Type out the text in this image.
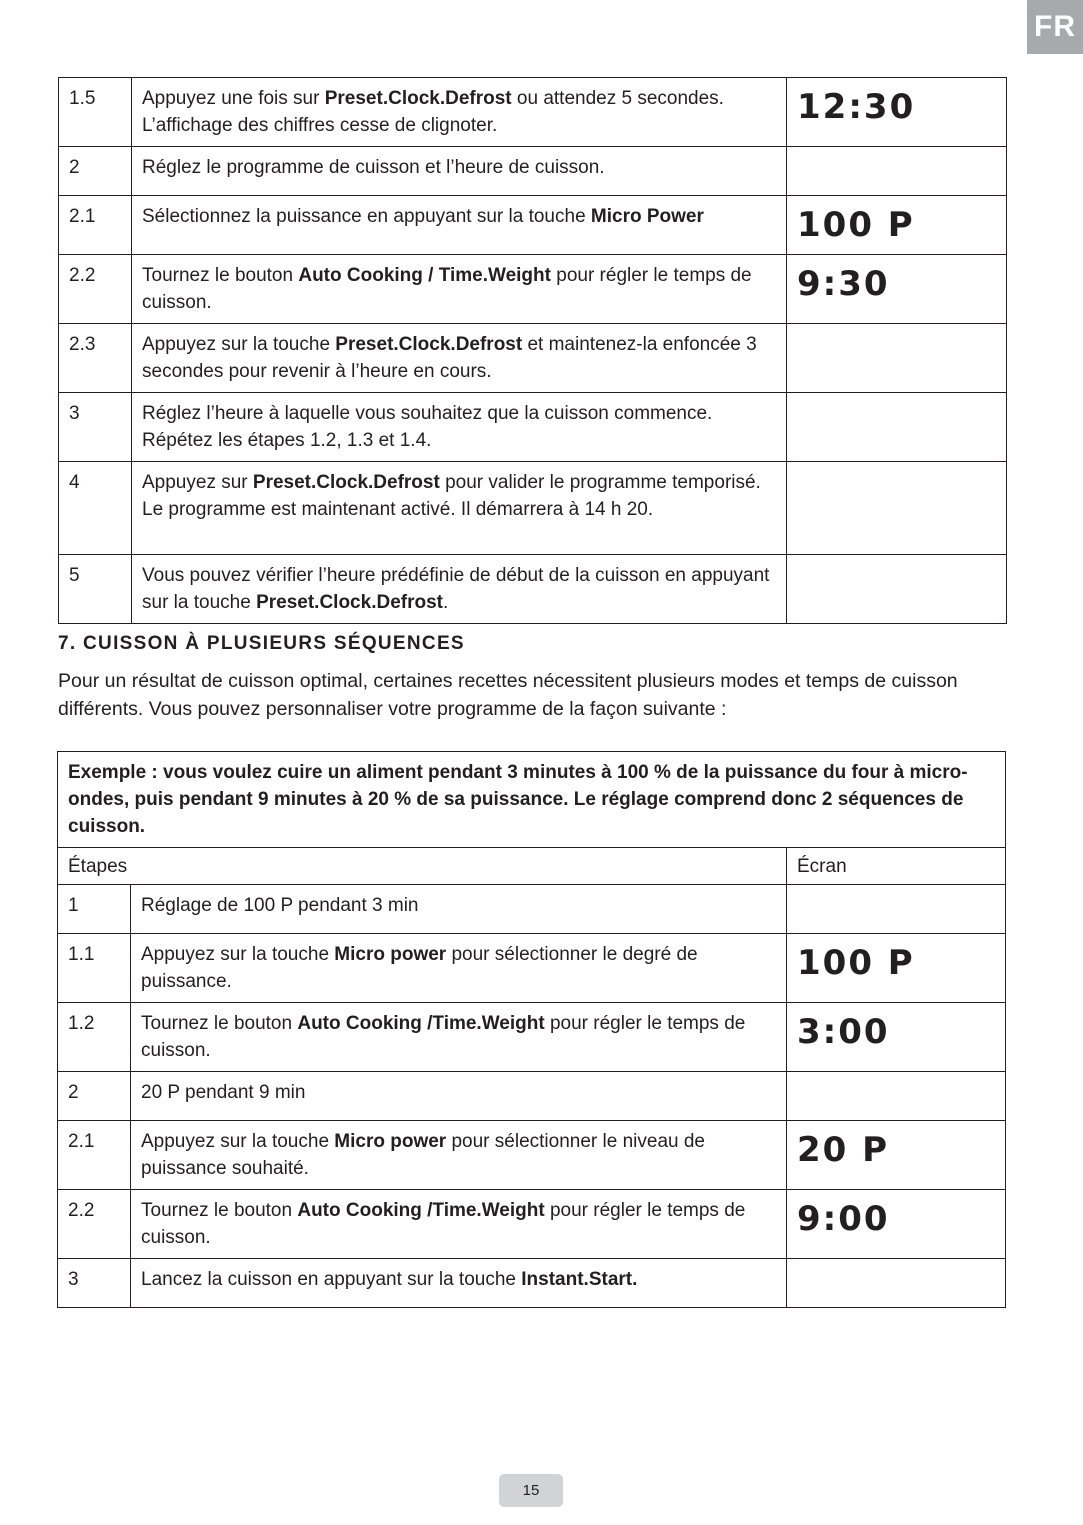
FR
1.5	Appuyez une fois sur Preset.Clock.Defrost ou attendez 5 secondes. L’affichage des chiffres cesse de clignoter.	12:30

2	Réglez le programme de cuisson et l’heure de cuisson.	

2.1	Sélectionnez la puissance en appuyant sur la touche Micro Power	100 P

2.2	Tournez le bouton Auto Cooking / Time.Weight pour régler le temps de cuisson.	9:30

2.3	Appuyez sur la touche Preset.Clock.Defrost et maintenez-la enfoncée 3 secondes pour revenir à l’heure en cours.	

3	Réglez l’heure à laquelle vous souhaitez que la cuisson commence. Répétez les étapes 1.2, 1.3 et 1.4.	

4	Appuyez sur Preset.Clock.Defrost pour valider le programme temporisé. Le programme est maintenant activé. Il démarrera à 14 h 20.	

5	Vous pouvez vérifier l’heure prédéfinie de début de la cuisson en appuyant sur la touche Preset.Clock.Defrost.	
7. CUISSON À PLUSIEURS SÉQUENCES

Pour un résultat de cuisson optimal, certaines recettes nécessitent plusieurs modes et temps de cuisson différents. Vous pouvez personnaliser votre programme de la façon suivante :

Exemple : vous voulez cuire un aliment pendant 3 minutes à 100 % de la puissance du four à micro-ondes, puis pendant 9 minutes à 20 % de sa puissance. Le réglage comprend donc 2 séquences de cuisson.		
Étapes		Écran
1	Réglage de 100 P pendant 3 min	

1.1	Appuyez sur la touche Micro power pour sélectionner le degré de puissance.	100 P

1.2	Tournez le bouton Auto Cooking /Time.Weight pour régler le temps de cuisson.	3:00

2	20 P pendant 9 min	

2.1	Appuyez sur la touche Micro power pour sélectionner le niveau de puissance souhaité.	20 P

2.2	Tournez le bouton Auto Cooking /Time.Weight pour régler le temps de cuisson.	9:00

3	Lancez la cuisson en appuyant sur la touche Instant.Start.	
15
